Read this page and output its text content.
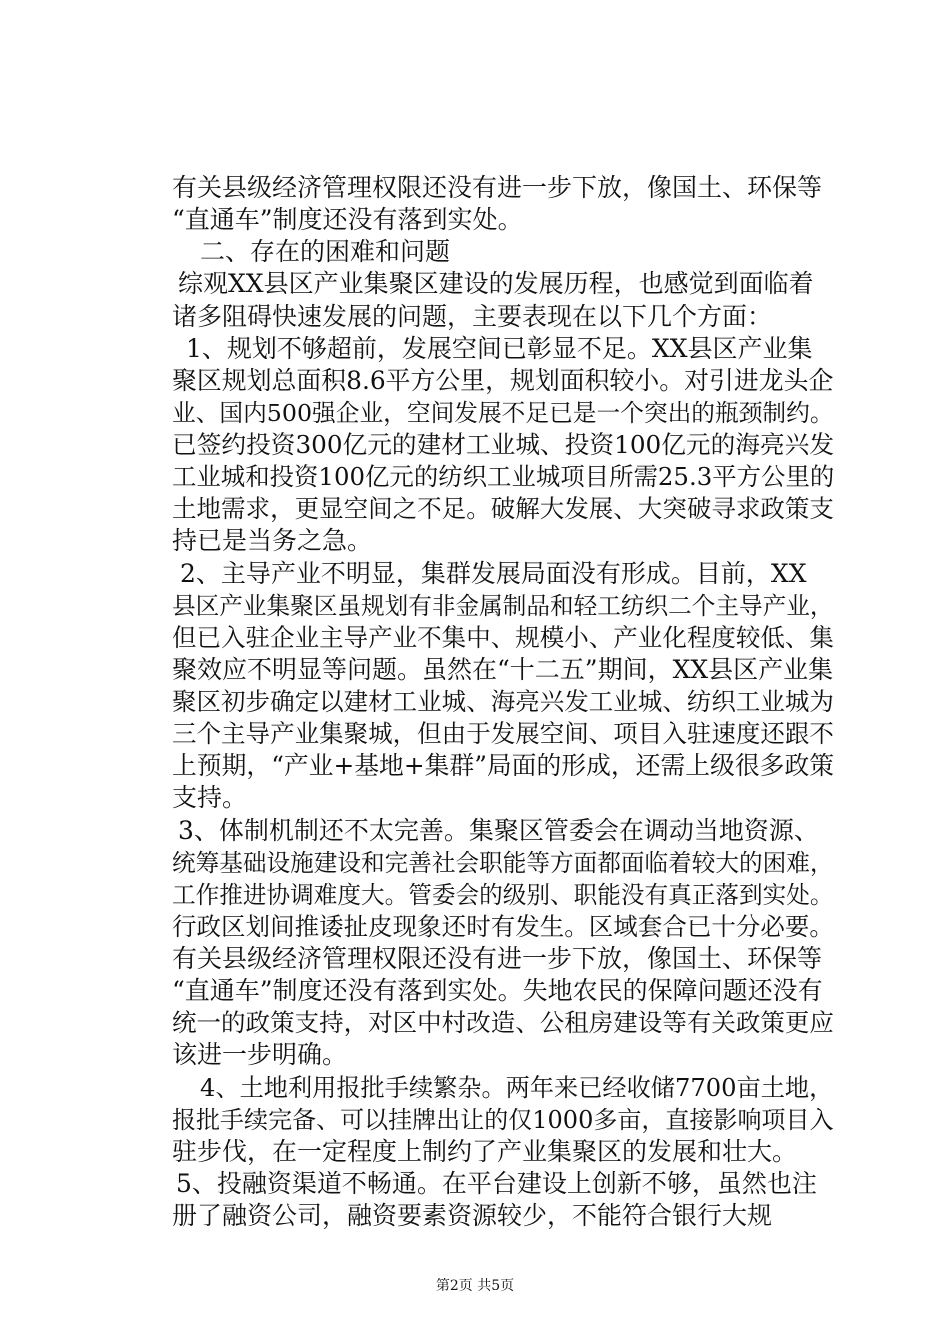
有关县级经济管理权限还没有进一步下放，像国土、环保等
“直通车”制度还没有落到实处。
二、存在的困难和问题
综观XX县区产业集聚区建设的发展历程，也感觉到面临着
诸多阻碍快速发展的问题，主要表现在以下几个方面：
1、规划不够超前，发展空间已彰显不足。XX县区产业集
聚区规划总面积8.6平方公里，规划面积较小。对引进龙头企
业、国内500强企业，空间发展不足已是一个突出的瓶颈制约。
已签约投资300亿元的建材工业城、投资100亿元的海亮兴发
工业城和投资100亿元的纺织工业城项目所需25.3平方公里的
土地需求，更显空间之不足。破解大发展、大突破寻求政策支
持已是当务之急。
2、主导产业不明显，集群发展局面没有形成。目前，XX
县区产业集聚区虽规划有非金属制品和轻工纺织二个主导产业，
但已入驻企业主导产业不集中、规模小、产业化程度较低、集
聚效应不明显等问题。虽然在“十二五”期间，XX县区产业集
聚区初步确定以建材工业城、海亮兴发工业城、纺织工业城为
三个主导产业集聚城，但由于发展空间、项目入驻速度还跟不
上预期，“产业+基地+集群”局面的形成，还需上级很多政策
支持。
3、体制机制还不太完善。集聚区管委会在调动当地资源、
统筹基础设施建设和完善社会职能等方面都面临着较大的困难，
工作推进协调难度大。管委会的级别、职能没有真正落到实处。
行政区划间推诿扯皮现象还时有发生。区域套合已十分必要。
有关县级经济管理权限还没有进一步下放，像国土、环保等
“直通车”制度还没有落到实处。失地农民的保障问题还没有
统一的政策支持，对区中村改造、公租房建设等有关政策更应
该进一步明确。
4、土地利用报批手续繁杂。两年来已经收储7700亩土地，
报批手续完备、可以挂牌出让的仅1000多亩，直接影响项目入
驻步伐，在一定程度上制约了产业集聚区的发展和壮大。
5、投融资渠道不畅通。在平台建设上创新不够，虽然也注
册了融资公司，融资要素资源较少，不能符合银行大规
第2页 共5页
